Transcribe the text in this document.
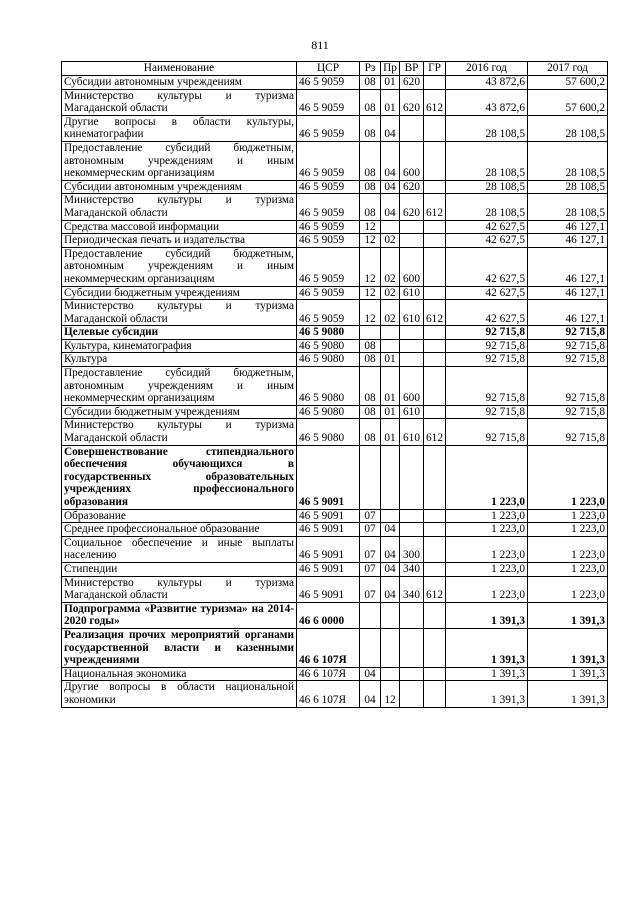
811
Наименование	ЦСР	Рз	Пр	ВР	ГР	2016 год	2017 год
Субсидии автономным учреждениям	46 5 9059	08	01	620		43 872,6	57 600,2
Министерство культуры и туризма Магаданской области	46 5 9059	08	01	620	612	43 872,6	57 600,2
Другие вопросы в области культуры, кинематографии	46 5 9059	08	04			28 108,5	28 108,5
Предоставление субсидий бюджетным, автономным учреждениям и иным некоммерческим организациям	46 5 9059	08	04	600		28 108,5	28 108,5
Субсидии автономным учреждениям	46 5 9059	08	04	620		28 108,5	28 108,5
Министерство культуры и туризма Магаданской области	46 5 9059	08	04	620	612	28 108,5	28 108,5
Средства массовой информации	46 5 9059	12				42 627,5	46 127,1
Периодическая печать и издательства	46 5 9059	12	02			42 627,5	46 127,1
Предоставление субсидий бюджетным, автономным учреждениям и иным некоммерческим организациям	46 5 9059	12	02	600		42 627,5	46 127,1
Субсидии бюджетным учреждениям	46 5 9059	12	02	610		42 627,5	46 127,1
Министерство культуры и туризма Магаданской области	46 5 9059	12	02	610	612	42 627,5	46 127,1
Целевые субсидии	46 5 9080					92 715,8	92 715,8
Культура, кинематография	46 5 9080	08				92 715,8	92 715,8
Культура	46 5 9080	08	01			92 715,8	92 715,8
Предоставление субсидий бюджетным, автономным учреждениям и иным некоммерческим организациям	46 5 9080	08	01	600		92 715,8	92 715,8
Субсидии бюджетным учреждениям	46 5 9080	08	01	610		92 715,8	92 715,8
Министерство культуры и туризма Магаданской области	46 5 9080	08	01	610	612	92 715,8	92 715,8
Совершенствование стипендиального обеспечения обучающихся в государственных образовательных учреждениях профессионального образования	46 5 9091					1 223,0	1 223,0
Образование	46 5 9091	07				1 223,0	1 223,0
Среднее профессиональное образование	46 5 9091	07	04			1 223,0	1 223,0
Социальное обеспечение и иные выплаты населению	46 5 9091	07	04	300		1 223,0	1 223,0
Стипендии	46 5 9091	07	04	340		1 223,0	1 223,0
Министерство культуры и туризма Магаданской области	46 5 9091	07	04	340	612	1 223,0	1 223,0
Подпрограмма «Развитие туризма» на 2014-2020 годы»	46 6 0000					1 391,3	1 391,3
Реализация прочих мероприятий органами государственной власти и казенными учреждениями	46 6 107Я					1 391,3	1 391,3
Национальная экономика	46 6 107Я	04				1 391,3	1 391,3
Другие вопросы в области национальной экономики	46 6 107Я	04	12			1 391,3	1 391,3
